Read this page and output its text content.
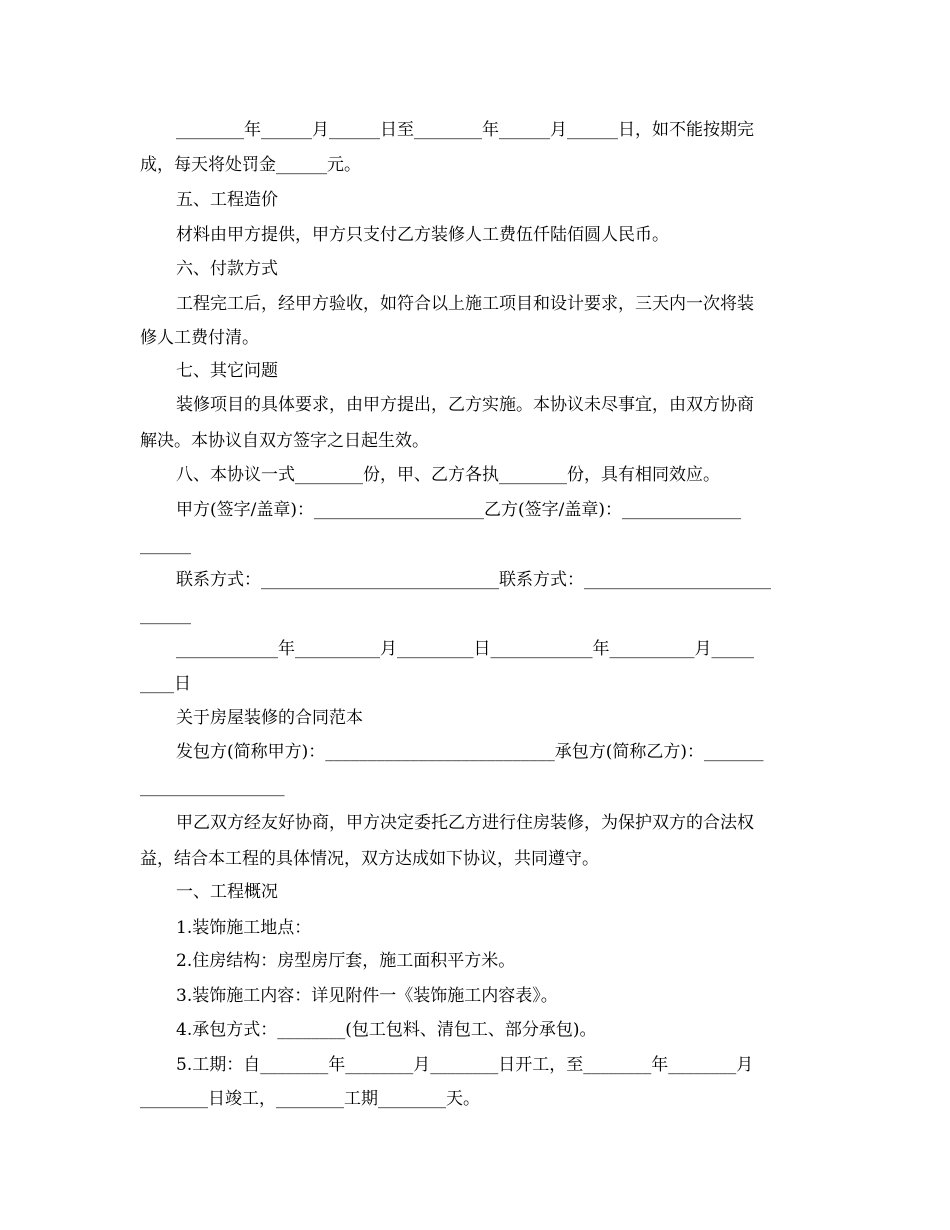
________年______月______日至________年______月______日，如不能按期完
成，每天将处罚金______元。
五、工程造价
材料由甲方提供，甲方只支付乙方装修人工费伍仟陆佰圆人民币。
六、付款方式
工程完工后，经甲方验收，如符合以上施工项目和设计要求，三天内一次将装
修人工费付清。
七、其它问题
装修项目的具体要求，由甲方提出，乙方实施。本协议未尽事宜，由双方协商
解决。本协议自双方签字之日起生效。
八、本协议一式________份，甲、乙方各执________份，具有相同效应。
甲方(签字/盖章)：____________________乙方(签字/盖章)：______________
______
联系方式：____________________________联系方式：______________________
______
____________年__________月_________日____________年__________月_____
____日
关于房屋装修的合同范本
发包方(简称甲方)：___________________________承包方(简称乙方)：_______
_________________
甲乙双方经友好协商，甲方决定委托乙方进行住房装修，为保护双方的合法权
益，结合本工程的具体情况，双方达成如下协议，共同遵守。
一、工程概况
1.装饰施工地点：
2.住房结构：房型房厅套，施工面积平方米。
3.装饰施工内容：详见附件一《装饰施工内容表》。
4.承包方式：________(包工包料、清包工、部分承包)。
5.工期：自________年________月________日开工，至________年________月
________日竣工，________工期________天。
